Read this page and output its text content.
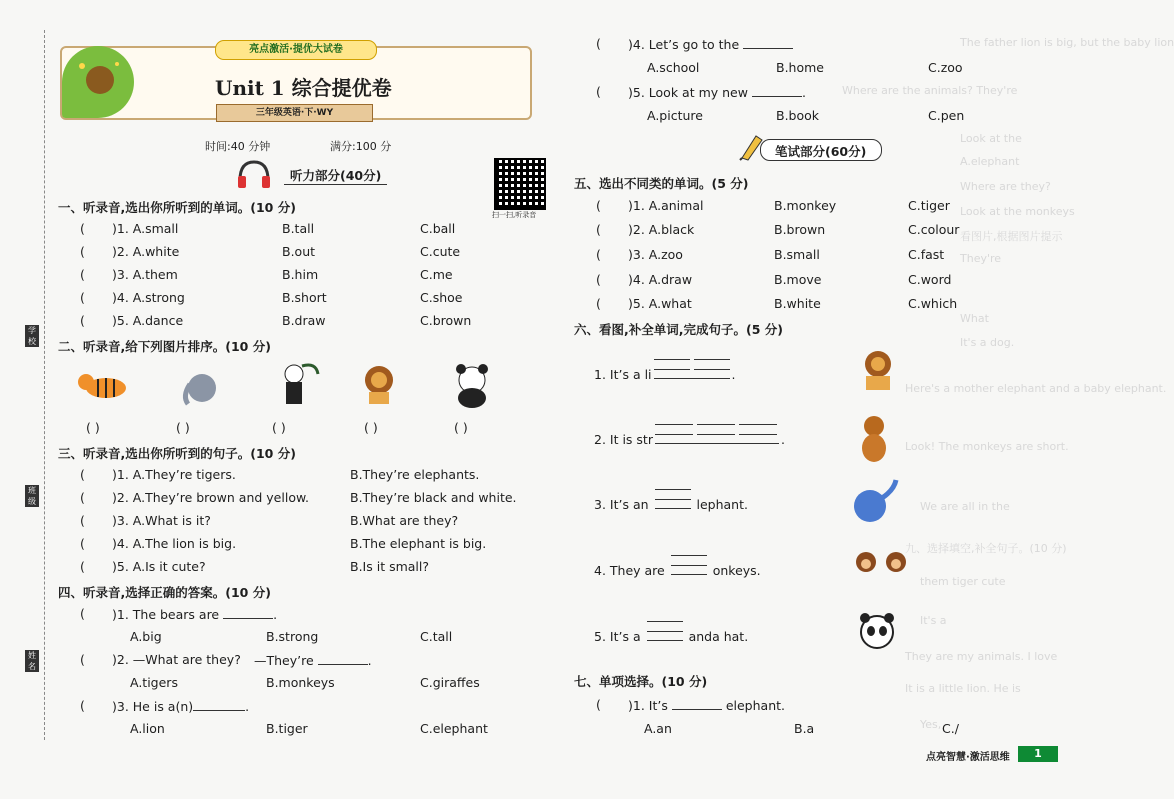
学校
班级
姓名
亮点激活·提优大试卷
Unit 1 综合提优卷
三年级英语·下·WY
时间:40 分钟	满分:100 分
听力部分(40分)
扫一扫,听录音
一、听录音,选出你所听到的单词。(10 分)
( )1. A.small	B.tall	C.ball
( )2. A.white	B.out	C.cute
( )3. A.them	B.him	C.me
( )4. A.strong	B.short	C.shoe
( )5. A.dance	B.draw	C.brown
二、听录音,给下列图片排序。(10 分)
( )	( )	( )	( )	( )
三、听录音,选出你所听到的句子。(10 分)
( )1. A.They’re tigers.	B.They’re elephants.
( )2. A.They’re brown and yellow.	B.They’re black and white.
( )3. A.What is it?	B.What are they?
( )4. A.The lion is big.	B.The elephant is big.
( )5. A.Is it cute?	B.Is it small?
四、听录音,选择正确的答案。(10 分)
( )1. The bears are	.
A.big	B.strong	C.tall
( )2. —What are they? —They’re	.
A.tigers	B.monkeys	C.giraffes
( )3. He is a(n)	.
A.lion	B.tiger	C.elephant
The father lion is big, but the baby lion
Where are the animals? They're
Look at the
A.elephant
Where are they?
Look at the monkeys
看图片,根据图片提示
They're
What
It's a dog.
Here's a mother elephant and a baby elephant.
Look! The monkeys are short.
We are all in the
九、选择填空,补全句子。(10 分)
them tiger cute
It's a
They are my animals. I love
It is a little lion. He is
Yes,
( )4. Let’s go to the
A.school	B.home	C.zoo
( )5. Look at my new	.
A.picture	B.book	C.pen
笔试部分(60分)
五、选出不同类的单词。(5 分)
( )1. A.animal	B.monkey	C.tiger
( )2. A.black	B.brown	C.colour
( )3. A.zoo	B.small	C.fast
( )4. A.draw	B.move	C.word
( )5. A.what	B.white	C.which
六、看图,补全单词,完成句子。(5 分)
1. It’s a li	.
2. It is str	.
3. It’s an	lephant.
4. They are	onkeys.
5. It’s a	anda hat.
七、单项选择。(10 分)
( )1. It’s	elephant.
A.an	B.a	C./
点亮智慧·激活思维	1
